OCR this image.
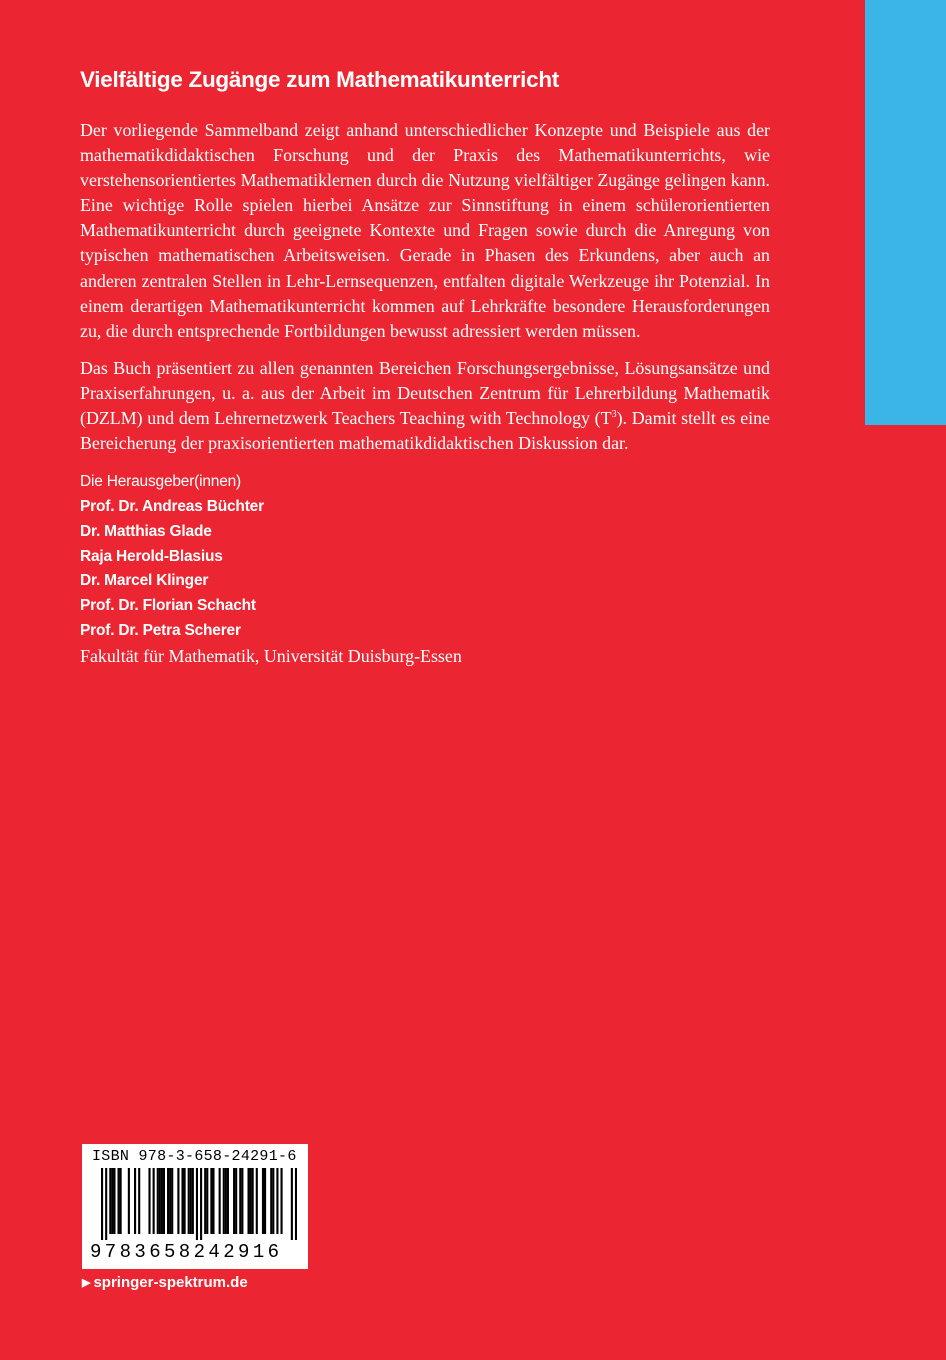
Vielfältige Zugänge zum Mathematikunterricht

Der vorliegende Sammelband zeigt anhand unterschiedlicher Konzepte und Beispiele aus der mathematikdidaktischen Forschung und der Praxis des Mathematikunterrichts, wie verstehensorientiertes Mathematiklernen durch die Nutzung vielfältiger Zugänge gelingen kann. Eine wichtige Rolle spielen hierbei Ansätze zur Sinnstiftung in einem schülerorientierten Mathematikunterricht durch geeignete Kontexte und Fragen sowie durch die Anregung von typischen mathematischen Arbeitsweisen. Gerade in Phasen des Erkundens, aber auch an anderen zentralen Stellen in Lehr-Lernsequenzen, entfalten digitale Werkzeuge ihr Potenzial. In einem derartigen Mathematikunterricht kommen auf Lehrkräfte besondere Herausforderungen zu, die durch entsprechende Fortbildungen bewusst adressiert werden müssen.

Das Buch präsentiert zu allen genannten Bereichen Forschungsergebnisse, Lösungsansätze und Praxiserfahrungen, u. a. aus der Arbeit im Deutschen Zentrum für Lehrerbildung Mathematik (DZLM) und dem Lehrernetzwerk Teachers Teaching with Technology $(T^3)$. Damit stellt es eine Bereicherung der praxisorientierten mathematikdidaktischen Diskussion dar.

Die Herausgeber(innen)
Prof. Dr. Andreas Büchter
Dr. Matthias Glade
Raja Herold-Blasius
Dr. Marcel Klinger
Prof. Dr. Florian Schacht
Prof. Dr. Petra Scherer
Fakultät für Mathematik, Universität Duisburg-Essen
ISBN 978-3-658-24291-6
9783658242916
▶ springer-spektrum.de
